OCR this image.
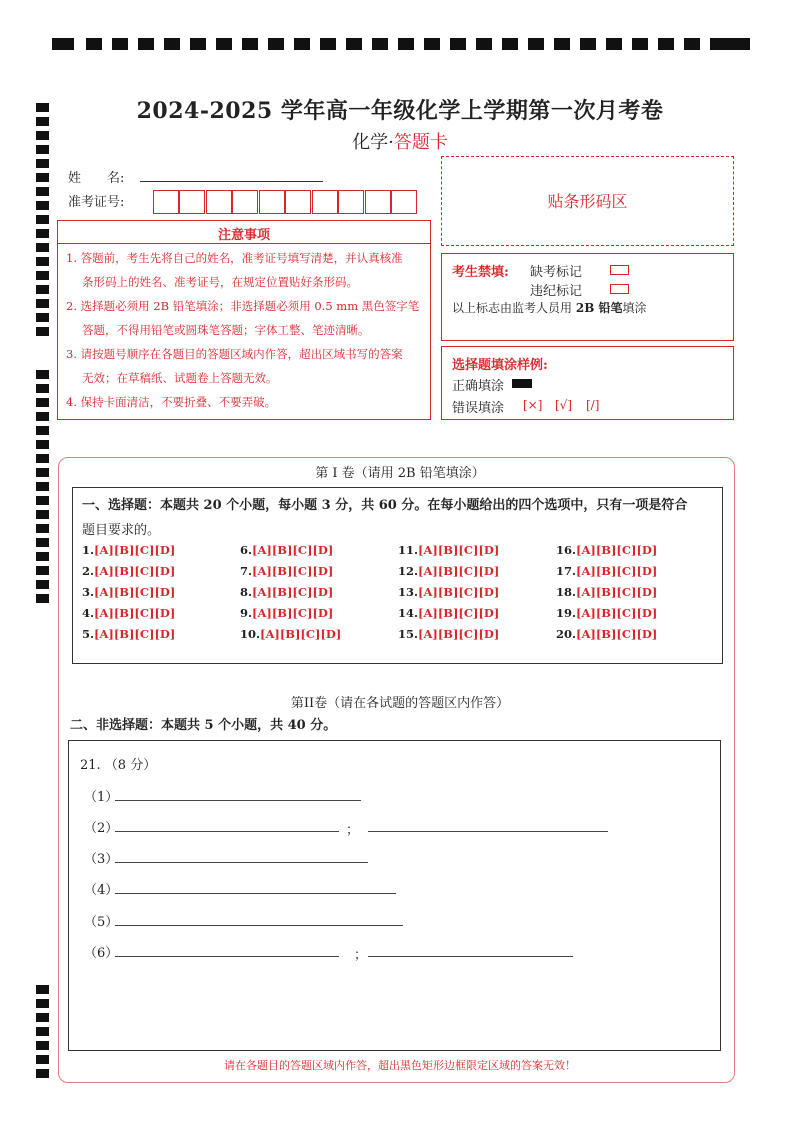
2024-2025 学年高一年级化学上学期第一次月考卷
化学·答题卡
姓　　名:
准考证号:	贴条形码区
注意事项
1. 答题前，考生先将自己的姓名，准考证号填写清楚，并认真核准
条形码上的姓名、准考证号，在规定位置贴好条形码。
2. 选择题必须用 2B 铅笔填涂；非选择题必须用 0.5 mm 黑色签字笔
答题，不得用铅笔或圆珠笔答题；字体工整、笔迹清晰。
3. 请按题号顺序在各题目的答题区域内作答，超出区域书写的答案
无效；在草稿纸、试题卷上答题无效。
4. 保持卡面清洁，不要折叠、不要弄破。
考生禁填: 缺考标记
违纪标记
以上标志由监考人员用 2B 铅笔填涂
选择题填涂样例:
正确填涂
错误填涂 [×] [√] [/]
第 I 卷（请用 2B 铅笔填涂）
一、选择题：本题共 20 个小题，每小题 3 分，共 60 分。在每小题给出的四个选项中，只有一项是符合
题目要求的。
1.[A][B][C][D]
2.[A][B][C][D]
3.[A][B][C][D]
4.[A][B][C][D]
5.[A][B][C][D]
6.[A][B][C][D]
7.[A][B][C][D]
8.[A][B][C][D]
9.[A][B][C][D]
10.[A][B][C][D]
11.[A][B][C][D]
12.[A][B][C][D]
13.[A][B][C][D]
14.[A][B][C][D]
15.[A][B][C][D]
16.[A][B][C][D]
17.[A][B][C][D]
18.[A][B][C][D]
19.[A][B][C][D]
20.[A][B][C][D]
第II卷（请在各试题的答题区内作答）
二、非选择题：本题共 5 个小题，共 40 分。
21. （8 分）
（1）
（2）	；
（3）
（4）
（5）
（6）	；
请在各题目的答题区域内作答，超出黑色矩形边框限定区域的答案无效！
